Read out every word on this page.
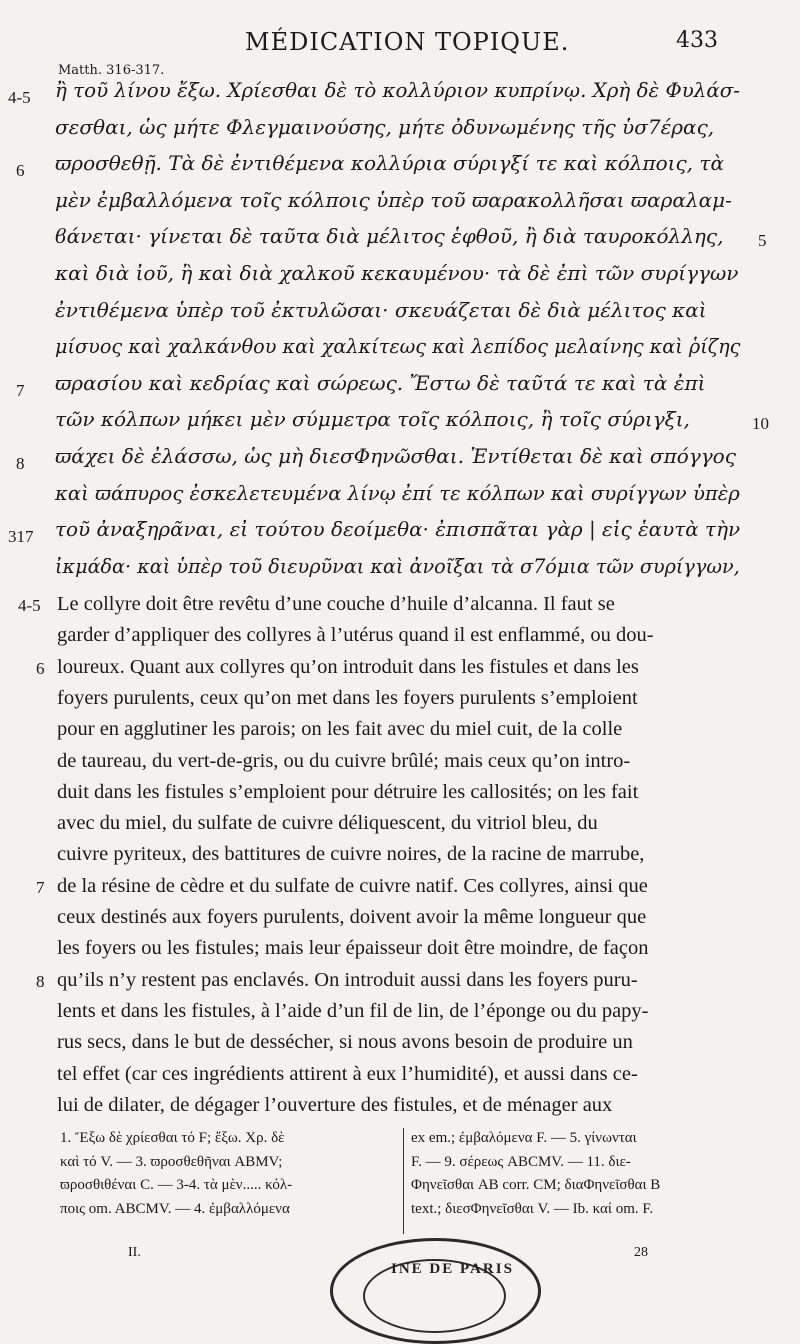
MÉDICATION TOPIQUE.	433
Matth. 316-317.
ἢ τοῦ λίνου ἔξω. Χρίεσθαι δὲ τὸ κολλύριον κυπρίνῳ. Χρὴ δὲ Φυλάσ-
4-5
σεσθαι, ὡς μήτε Φλεγμαινούσης, μήτε ὀδυνωμένης τῆς ὑσ7έρας,
ϖροσθεθῇ. Τὰ δὲ ἐντιθέμενα κολλύρια σύριγξί τε καὶ κόλποις, τὰ
6
μὲν ἐμβαλλόμενα τοῖς κόλποις ὑπὲρ τοῦ ϖαρακολλῆσαι ϖαραλαμ-
ϐάνεται· γίνεται δὲ ταῦτα διὰ μέλιτος ἑφθοῦ, ἢ διὰ ταυροκόλλης, 5
καὶ διὰ ἰοῦ, ἢ καὶ διὰ χαλκοῦ κεκαυμένου· τὰ δὲ ἐπὶ τῶν συρίγγων
ἐντιθέμενα ὑπὲρ τοῦ ἐκτυλῶσαι· σκευάζεται δὲ διὰ μέλιτος καὶ
μίσυος καὶ χαλκάνθου καὶ χαλκίτεως καὶ λεπίδος μελαίνης καὶ ῥίζης
ϖρασίου καὶ κεδρίας καὶ σώρεως. Ἔστω δὲ ταῦτά τε καὶ τὰ ἐπὶ
7
τῶν κόλπων μήκει μὲν σύμμετρα τοῖς κόλποις, ἢ τοῖς σύριγξι,	10
ϖάχει δὲ ἐλάσσω, ὡς μὴ διεσΦηνῶσθαι. Ἐντίθεται δὲ καὶ σπόγγος
8
καὶ ϖάπυρος ἐσκελετευμένα λίνῳ ἐπί τε κόλπων καὶ συρίγγων ὑπὲρ
τοῦ ἀναξηρᾶναι, εἰ τούτου δεοίμεθα· ἐπισπᾶται γὰρ | εἰς ἑαυτὰ τὴν
317
ἰκμάδα· καὶ ὑπὲρ τοῦ διευρῦναι καὶ ἀνοῖξαι τὰ σ7όμια τῶν συρίγγων,
Le collyre doit être revêtu d’une couche d’huile d’alcanna. Il faut se
4-5
garder d’appliquer des collyres à l’utérus quand il est enflammé, ou dou-
loureux. Quant aux collyres qu’on introduit dans les fistules et dans les
6
foyers purulents, ceux qu’on met dans les foyers purulents s’emploient
pour en agglutiner les parois; on les fait avec du miel cuit, de la colle
de taureau, du vert-de-gris, ou du cuivre brûlé; mais ceux qu’on intro-
duit dans les fistules s’emploient pour détruire les callosités; on les fait
avec du miel, du sulfate de cuivre déliquescent, du vitriol bleu, du
cuivre pyriteux, des battitures de cuivre noires, de la racine de marrube,
de la résine de cèdre et du sulfate de cuivre natif. Ces collyres, ainsi que
7
ceux destinés aux foyers purulents, doivent avoir la même longueur que
les foyers ou les fistules; mais leur épaisseur doit être moindre, de façon
qu’ils n’y restent pas enclavés. On introduit aussi dans les foyers puru-
8
lents et dans les fistules, à l’aide d’un fil de lin, de l’éponge ou du papy-
rus secs, dans le but de dessécher, si nous avons besoin de produire un
tel effet (car ces ingrédients attirent à eux l’humidité), et aussi dans ce-
lui de dilater, de dégager l’ouverture des fistules, et de ménager aux
1. Ἔξω δὲ χρίεσθαι τό F; ἔξω. Χρ. δὲ
καὶ τό V. — 3. ϖροσθεθῆναι ABMV;
ϖροσθιθέναι C. — 3-4. τὰ μὲν..... κόλ-
ποις om. ABCMV. — 4. ἐμβαλλόμενα
ex em.; ἐμβαλόμενα F. — 5. γίνωνται
F. — 9. σέρεως ABCMV. — 11. διε-
Φηνεῖσθαι AB corr. CM; διαΦηνεῖσθαι B
text.; διεσΦηνεῖσθαι V. — Ib. καί om. F.
II.	28
INE DE PARIS
